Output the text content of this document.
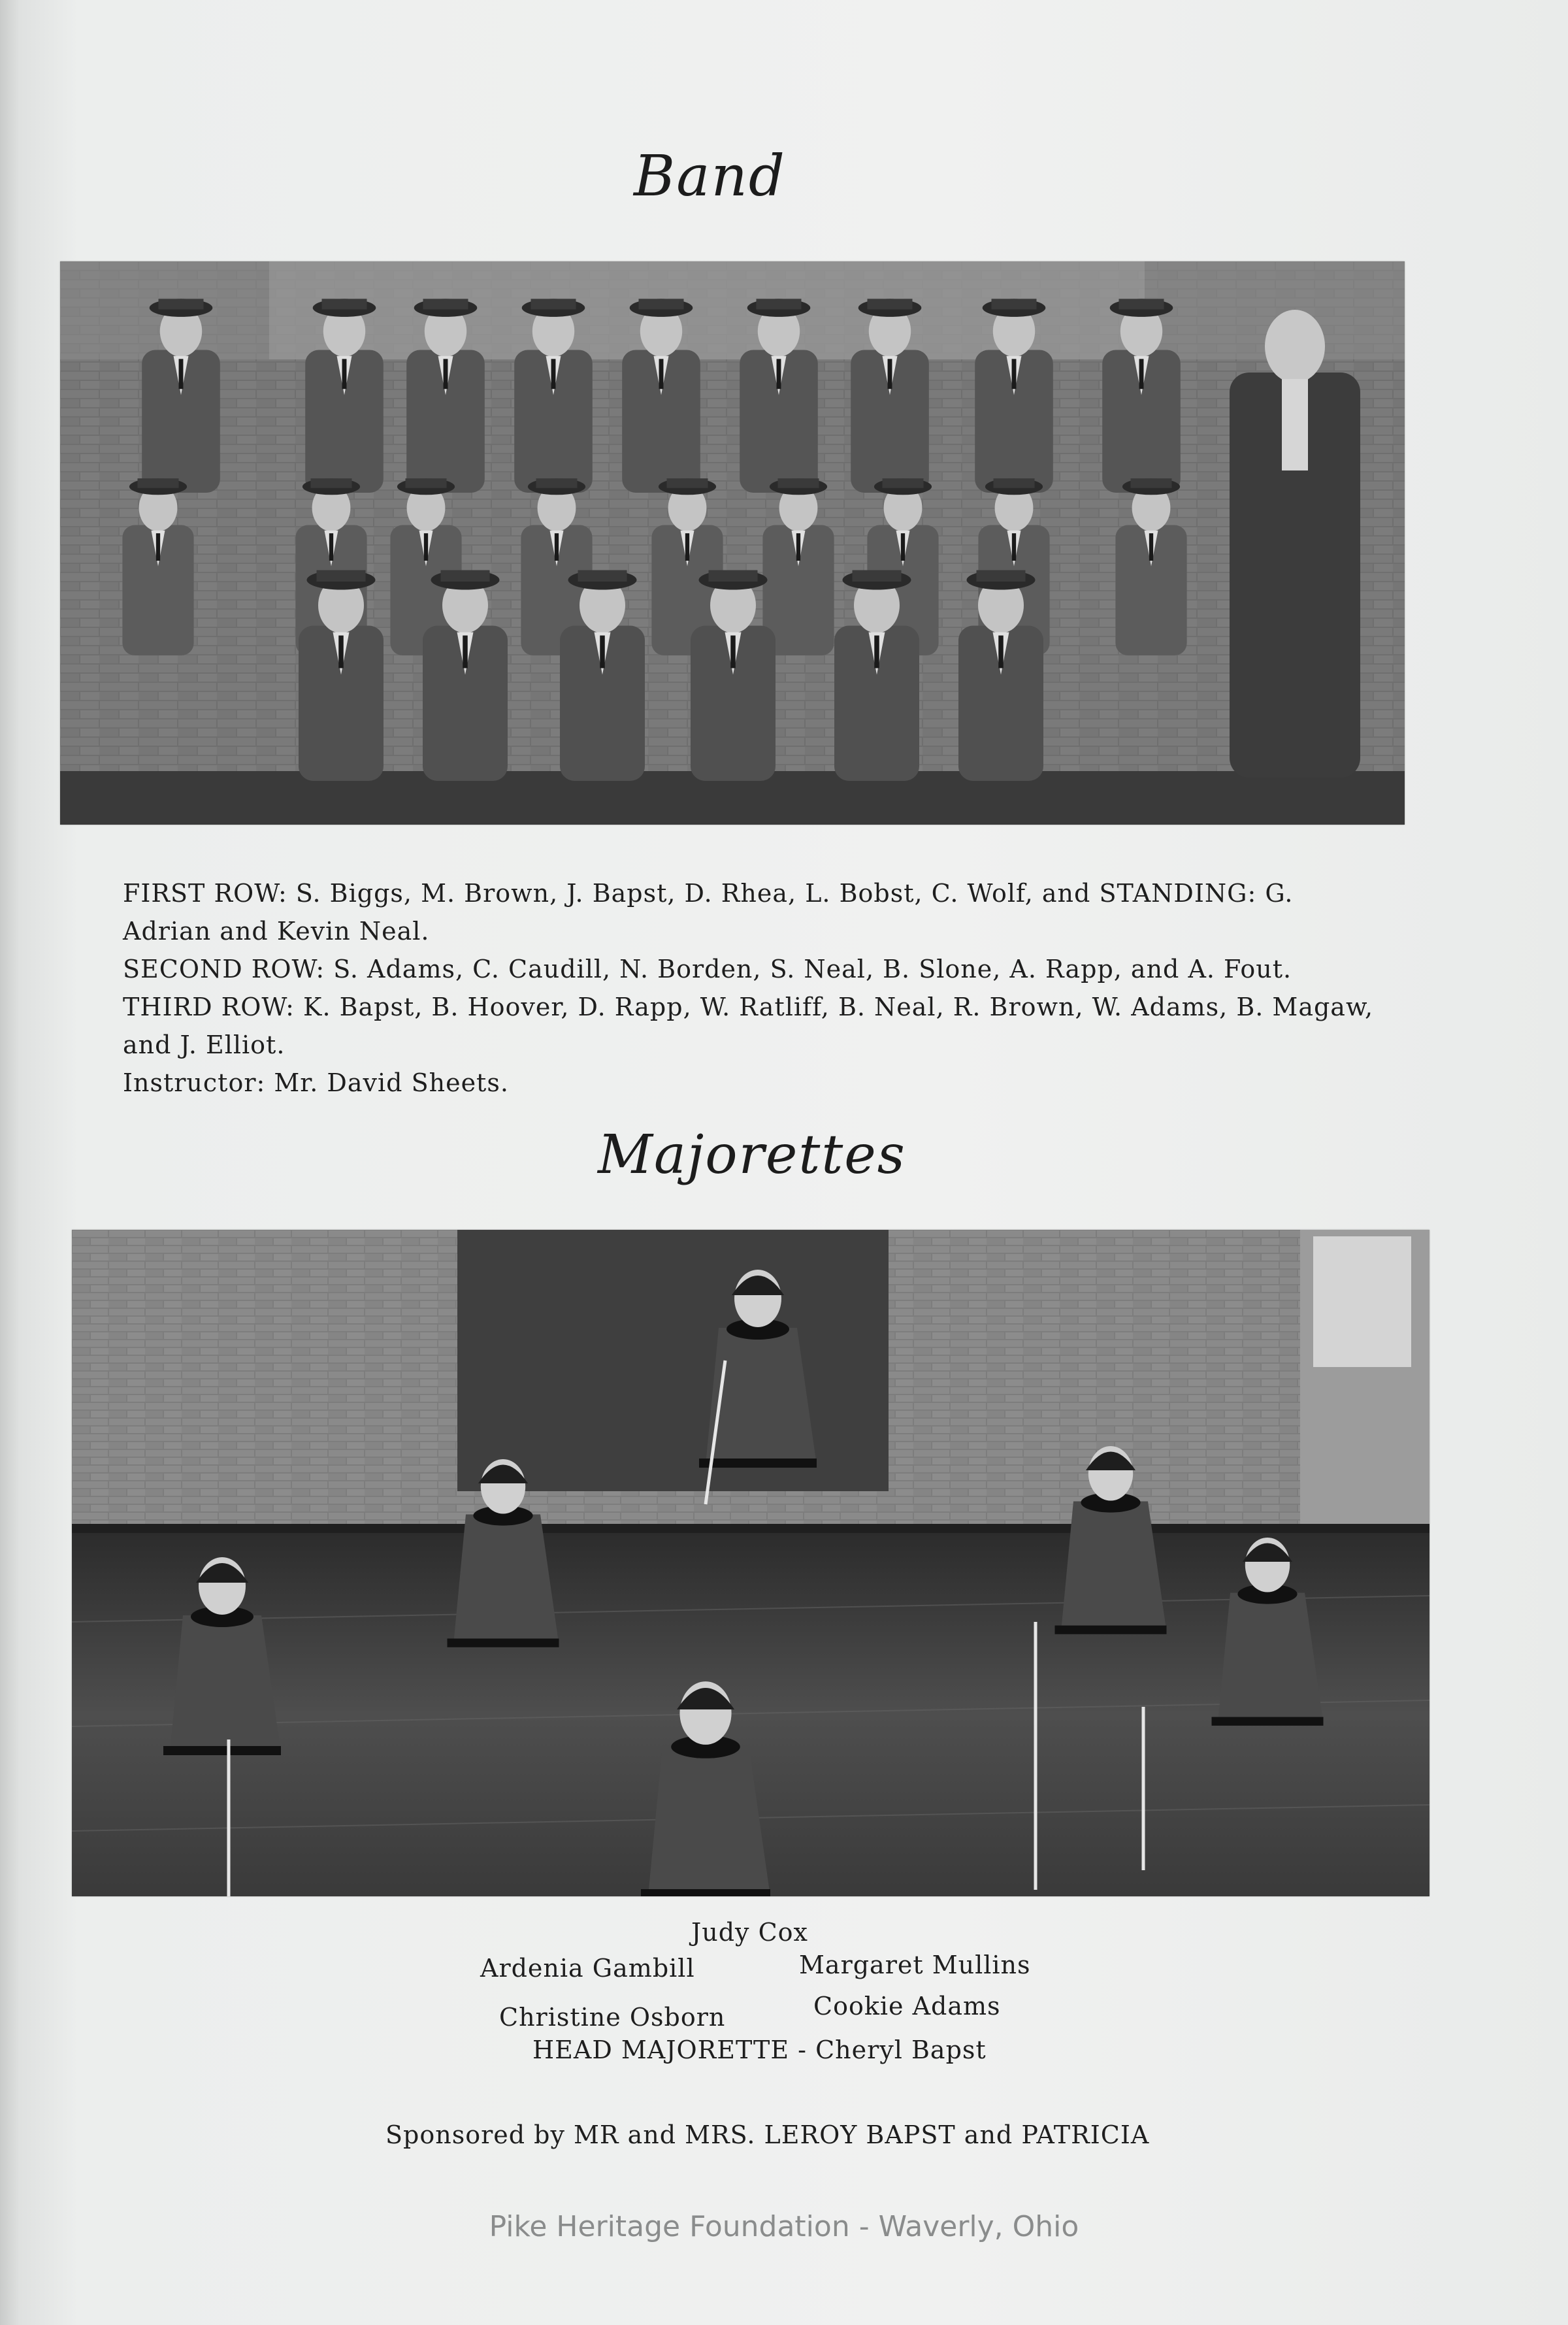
Band

FIRST ROW: S. Biggs, M. Brown, J. Bapst, D. Rhea, L. Bobst, C. Wolf, and STANDING: G. Adrian and Kevin Neal.

SECOND ROW: S. Adams, C. Caudill, N. Borden, S. Neal, B. Slone, A. Rapp, and A. Fout.

THIRD ROW: K. Bapst, B. Hoover, D. Rapp, W. Ratliff, B. Neal, R. Brown, W. Adams, B. Magaw, and J. Elliot.

Instructor: Mr. David Sheets.

Majorettes
Judy Cox
Ardenia Gambill	Margaret Mullins
Christine Osborn	Cookie Adams
HEAD MAJORETTE - Cheryl Bapst
Sponsored by MR and MRS. LEROY BAPST and PATRICIA
Pike Heritage Foundation - Waverly, Ohio
